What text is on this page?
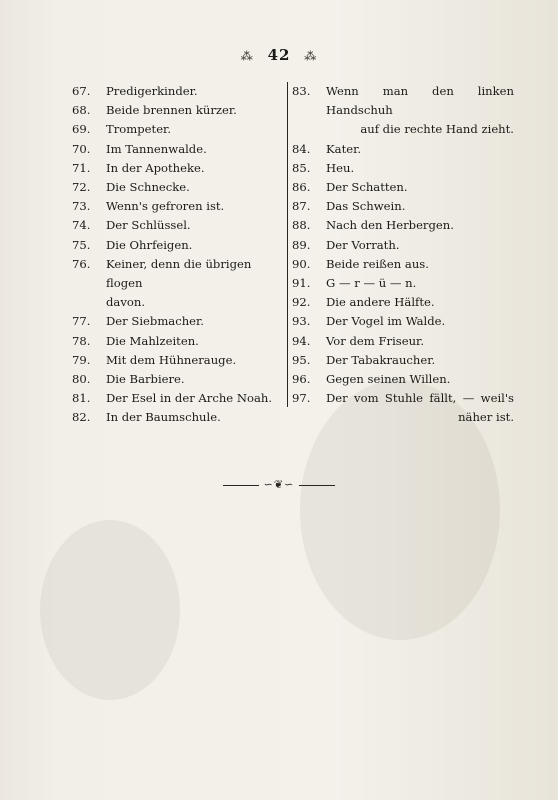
⁂ 42 ⁂
67.	Predigerkinder.
68.	Beide brennen kürzer.
69.	Trompeter.
70.	Im Tannenwalde.
71.	In der Apotheke.
72.	Die Schnecke.
73.	Wenn's gefroren ist.
74.	Der Schlüssel.
75.	Die Ohrfeigen.
76.	Keiner, denn die übrigen flogen
davon.
77.	Der Siebmacher.
78.	Die Mahlzeiten.
79.	Mit dem Hühnerauge.
80.	Die Barbiere.
81.	Der Esel in der Arche Noah.
82.	In der Baumschule.
83.	Wenn man den linken Handschuh
auf die rechte Hand zieht.
84.	Kater.
85.	Heu.
86.	Der Schatten.
87.	Das Schwein.
88.	Nach den Herbergen.
89.	Der Vorrath.
90.	Beide reißen aus.
91.	G — r — ü — n.
92.	Die andere Hälfte.
93.	Der Vogel im Walde.
94.	Vor dem Friseur.
95.	Der Tabakraucher.
96.	Gegen seinen Willen.
97.	Der vom Stuhle fällt, — weil's
näher ist.
∽❦∽
